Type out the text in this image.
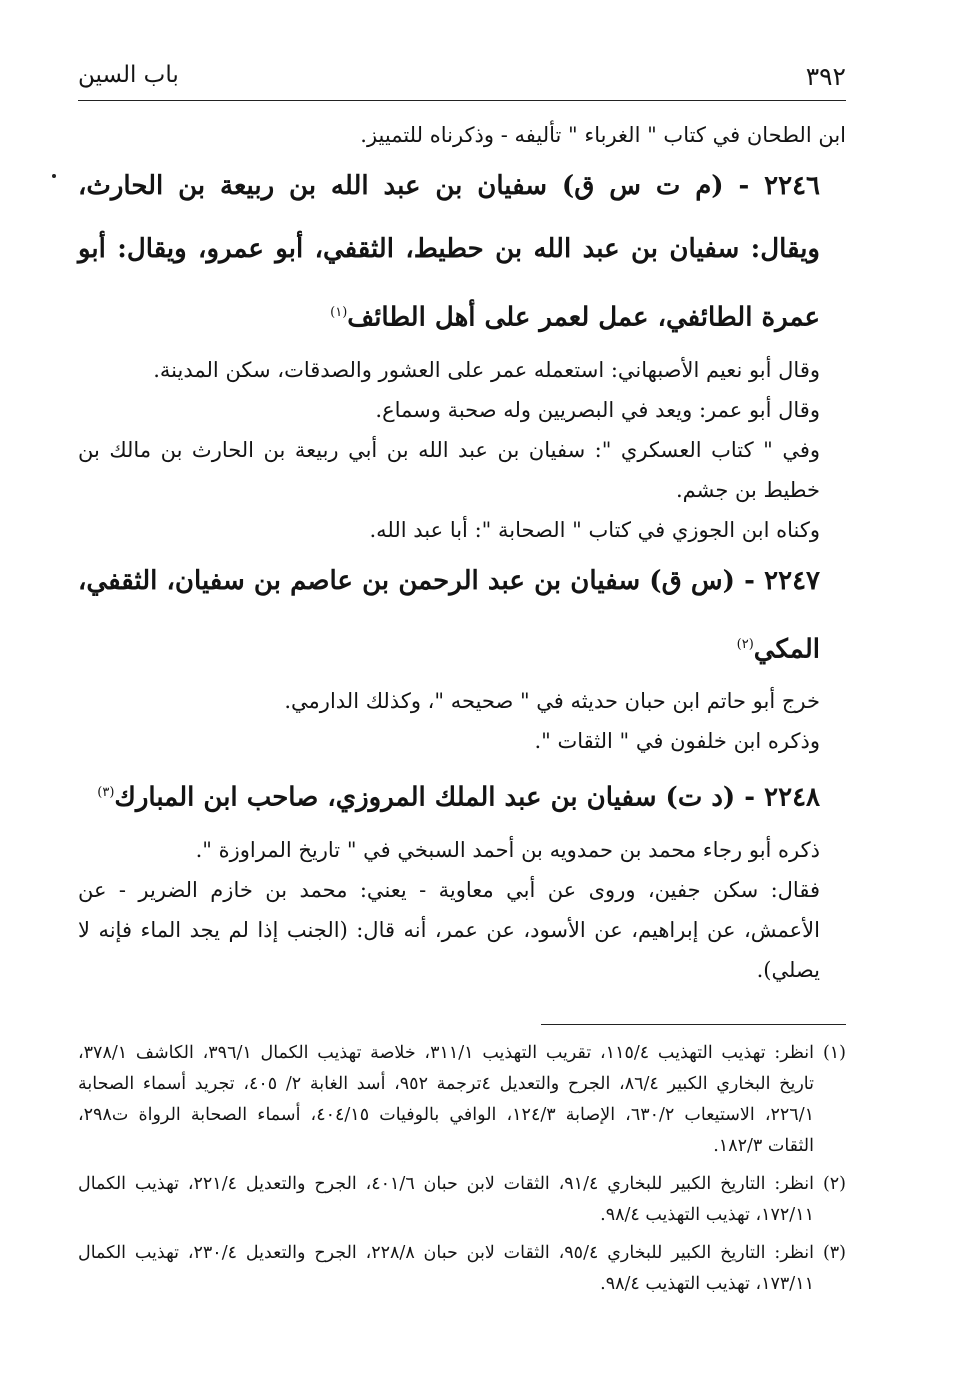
٣٩٢
باب السين

ابن الطحان في كتاب " الغرباء " تأليفه - وذكرناه للتمييز.

٢٢٤٦ - (م ت س ق) سفيان بن عبد الله بن ربيعة بن الحارث، ويقال: سفيان بن عبد الله بن حطيط، الثقفي، أبو عمرو، ويقال: أبو عمرة الطائفي، عمل لعمر على أهل الطائف$^{(١)}$

وقال أبو نعيم الأصبهاني: استعمله عمر على العشور والصدقات، سكن المدينة.

وقال أبو عمر: ويعد في البصريين وله صحبة وسماع.

وفي " كتاب العسكري ": سفيان بن عبد الله بن أبي ربيعة بن الحارث بن مالك بن خطيط بن جشم.

وكناه ابن الجوزي في كتاب " الصحابة ": أبا عبد الله.

٢٢٤٧ - (س ق) سفيان بن عبد الرحمن بن عاصم بن سفيان، الثقفي، المكي$^{(٢)}$

خرج أبو حاتم ابن حبان حديثه في " صحيحه "، وكذلك الدارمي.

وذكره ابن خلفون في " الثقات ".

٢٢٤٨ - (د ت) سفيان بن عبد الملك المروزي، صاحب ابن المبارك$^{(٣)}$

ذكره أبو رجاء محمد بن حمدويه بن أحمد السبخي في " تاريخ المراوزة ".

فقال: سكن جفين، وروى عن أبي معاوية - يعني: محمد بن خازم الضرير - عن الأعمش، عن إبراهيم، عن الأسود، عن عمر، أنه قال: (الجنب إذا لم يجد الماء فإنه لا يصلي).

(١)
انظر: تهذيب التهذيب ١١٥/٤، تقريب التهذيب ٣١١/١، خلاصة تهذيب الكمال ٣٩٦/١، الكاشف ٣٧٨/١، تاريخ البخاري الكبير ٨٦/٤، الجرح والتعديل ٤ترجمة ٩٥٢، أسد الغابة ٢/ ٤٠٥، تجريد أسماء الصحابة ٢٢٦/١، الاستيعاب ٦٣٠/٢، الإصابة ١٢٤/٣، الوافي بالوفيات ٤٠٤/١٥، أسماء الصحابة الرواة ت٢٩٨، الثقات ١٨٢/٣.

(٢)
انظر: التاريخ الكبير للبخاري ٩١/٤، الثقات لابن حبان ٤٠١/٦، الجرح والتعديل ٢٢١/٤، تهذيب الكمال ١٧٢/١١، تهذيب التهذيب ٩٨/٤.

(٣)
انظر: التاريخ الكبير للبخاري ٩٥/٤، الثقات لابن حبان ٢٢٨/٨، الجرح والتعديل ٢٣٠/٤، تهذيب الكمال ١٧٣/١١، تهذيب التهذيب ٩٨/٤.
